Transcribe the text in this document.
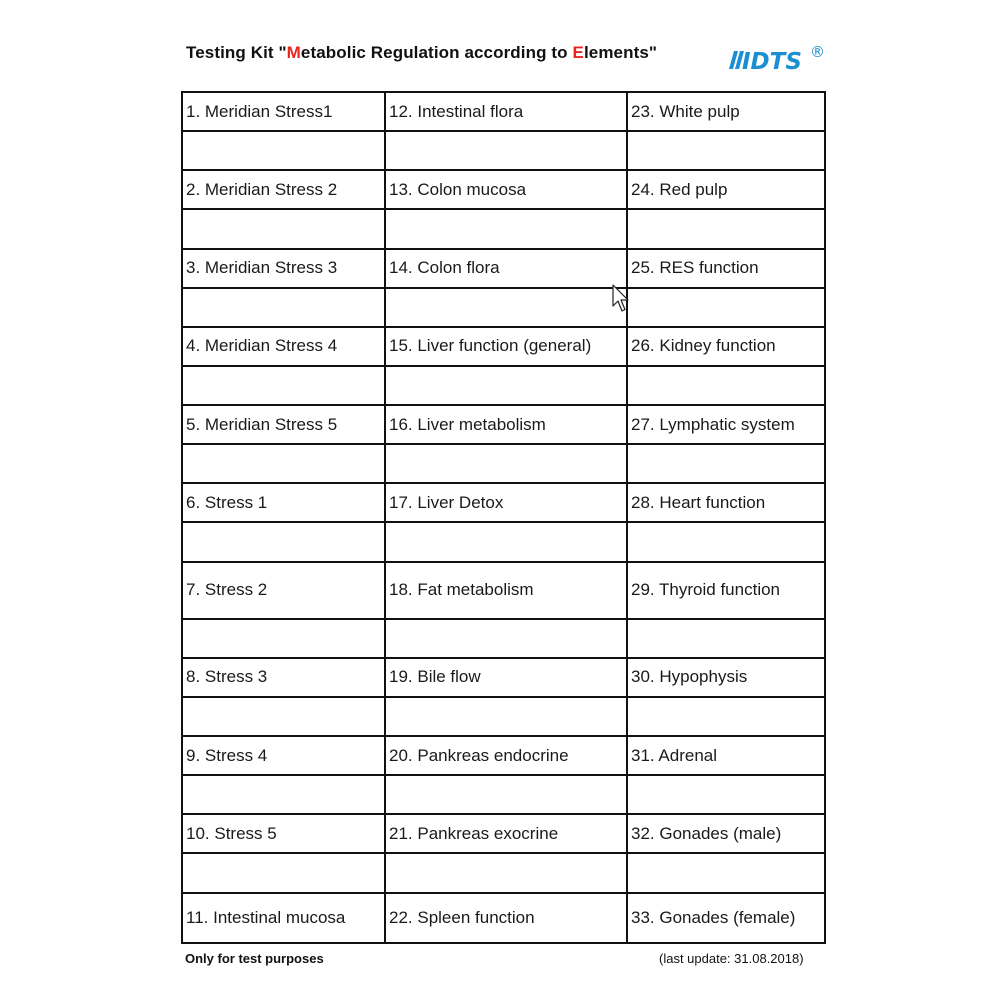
Testing Kit "Metabolic Regulation according to Elements"	IDTS ®
1. Meridian Stress1	12. Intestinal flora	23. White pulp

2. Meridian Stress 2	13. Colon mucosa	24. Red pulp

3. Meridian Stress 3	14. Colon flora	25. RES function

4. Meridian Stress 4	15. Liver function (general)	26. Kidney function

5. Meridian Stress 5	16. Liver metabolism	27. Lymphatic system

6. Stress 1	17. Liver Detox	28. Heart function

7. Stress 2	18. Fat metabolism	29. Thyroid function

8. Stress 3	19. Bile flow	30. Hypophysis

9. Stress 4	20. Pankreas endocrine	31. Adrenal

10. Stress 5	21. Pankreas exocrine	32. Gonades (male)

11. Intestinal mucosa	22. Spleen function	33. Gonades (female)
Only for test purposes	(last update: 31.08.2018)
